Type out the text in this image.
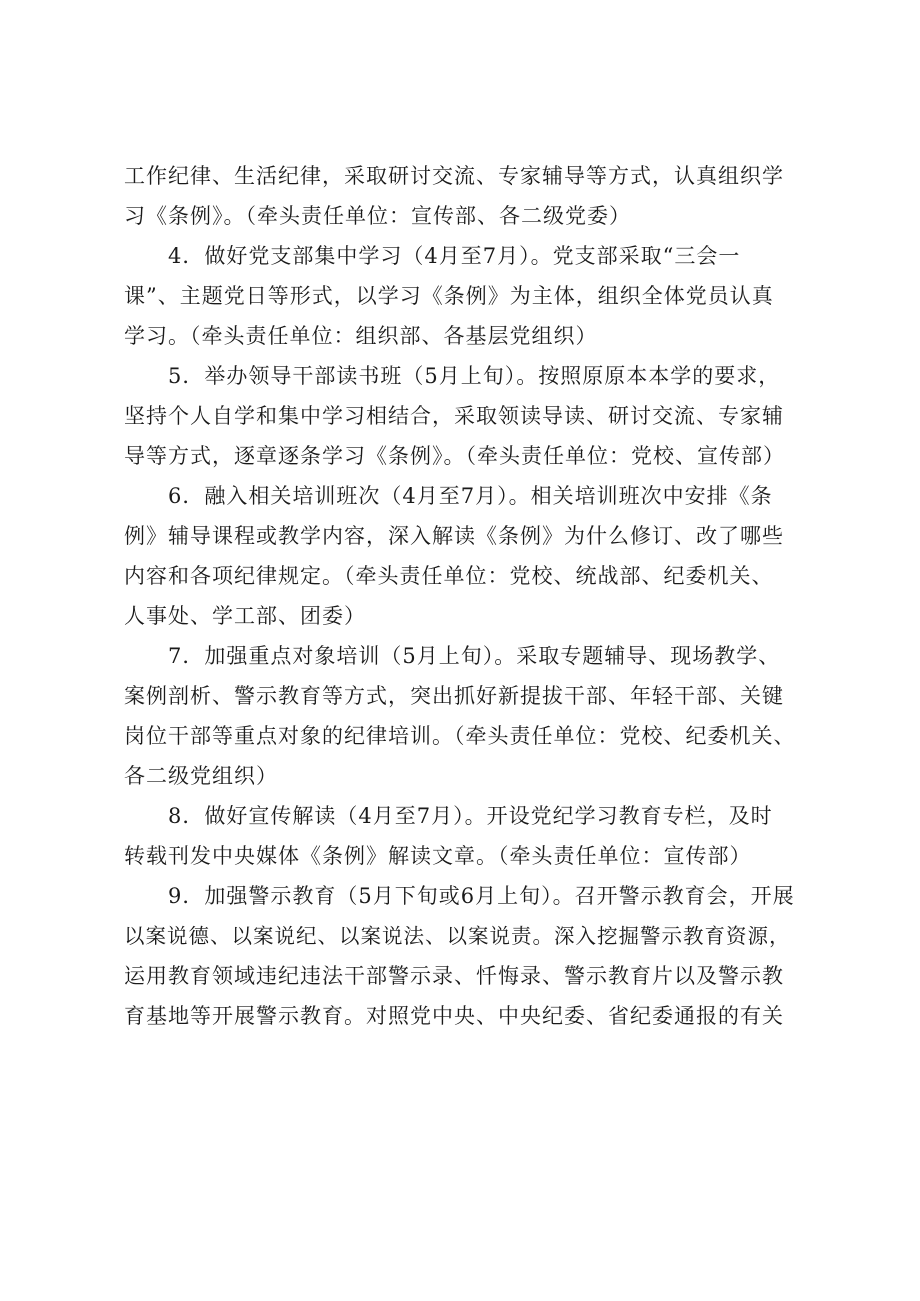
工作纪律、生活纪律，采取研讨交流、专家辅导等方式，认真组织学
习《条例》。（牵头责任单位：宣传部、各二级党委）
4．做好党支部集中学习（4月至7月）。党支部采取“三会一
课”、主题党日等形式，以学习《条例》为主体，组织全体党员认真
学习。（牵头责任单位：组织部、各基层党组织）
5．举办领导干部读书班（5月上旬）。按照原原本本学的要求，
坚持个人自学和集中学习相结合，采取领读导读、研讨交流、专家辅
导等方式，逐章逐条学习《条例》。（牵头责任单位：党校、宣传部）
6．融入相关培训班次（4月至7月）。相关培训班次中安排《条
例》辅导课程或教学内容，深入解读《条例》为什么修订、改了哪些
内容和各项纪律规定。（牵头责任单位：党校、统战部、纪委机关、
人事处、学工部、团委）
7．加强重点对象培训（5月上旬）。采取专题辅导、现场教学、
案例剖析、警示教育等方式，突出抓好新提拔干部、年轻干部、关键
岗位干部等重点对象的纪律培训。（牵头责任单位：党校、纪委机关、
各二级党组织）
8．做好宣传解读（4月至7月）。开设党纪学习教育专栏，及时
转载刊发中央媒体《条例》解读文章。（牵头责任单位：宣传部）
9．加强警示教育（5月下旬或6月上旬）。召开警示教育会，开展
以案说德、以案说纪、以案说法、以案说责。深入挖掘警示教育资源，
运用教育领域违纪违法干部警示录、忏悔录、警示教育片以及警示教
育基地等开展警示教育。对照党中央、中央纪委、省纪委通报的有关
